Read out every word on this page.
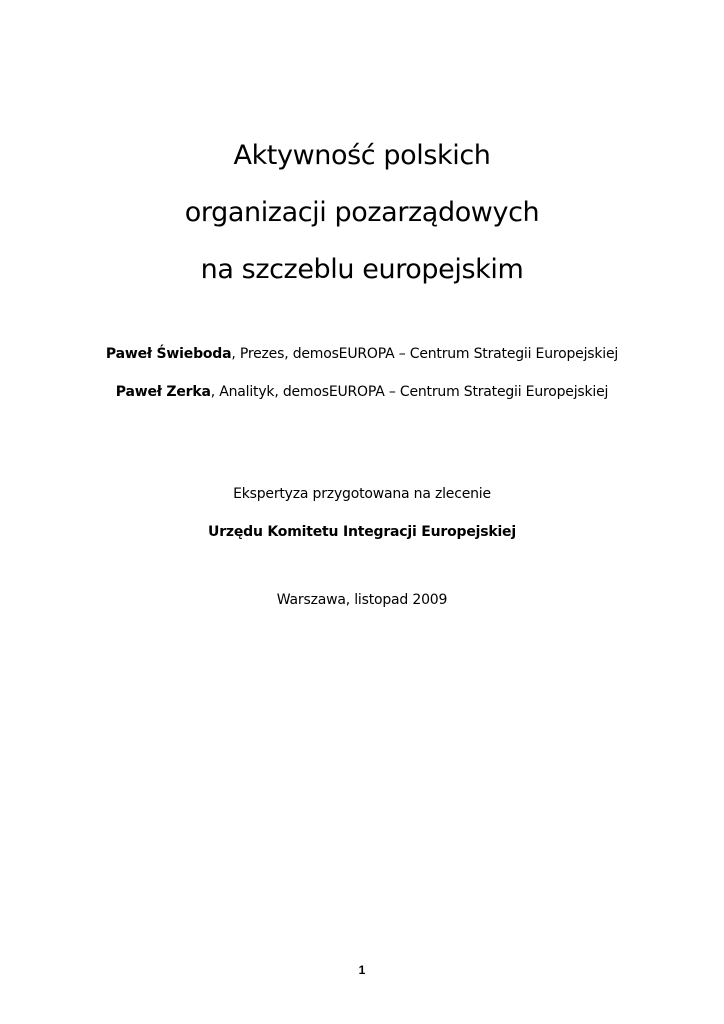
Aktywność polskich
organizacji pozarządowych
na szczeblu europejskim
Paweł Świeboda, Prezes, demosEUROPA – Centrum Strategii Europejskiej
Paweł Zerka, Analityk, demosEUROPA – Centrum Strategii Europejskiej
Ekspertyza przygotowana na zlecenie
Urzędu Komitetu Integracji Europejskiej
Warszawa, listopad 2009
1
